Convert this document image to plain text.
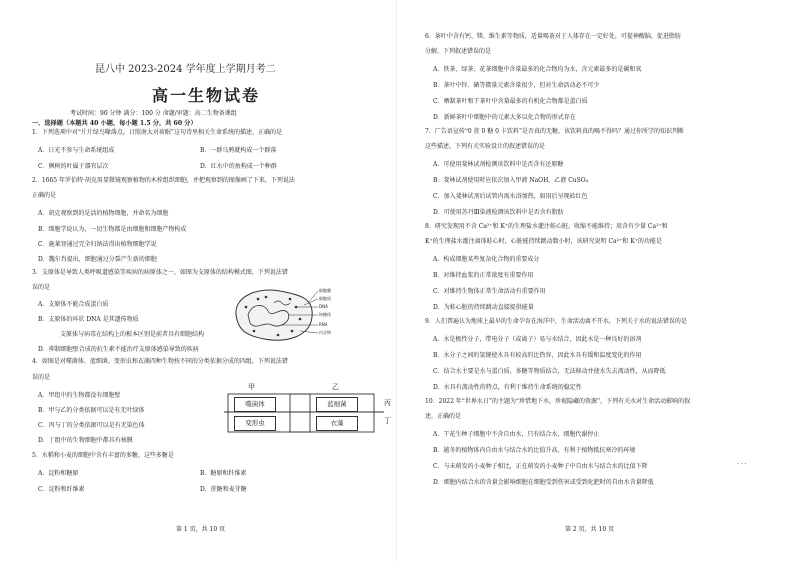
昆八中 2023-2024 学年度上学期月考二
高一生物试卷
考试时间：90 分钟 满分：100 分 命题/审题：高二生物备课组
一、选择题（本题共 40 小题，每小题 1.5 分，共 60 分）
1．下列选项中对“片片绿鸟喙落点，日照南大对荷眠”这句诗里相关生命系统的描述，正确的是
A．日光不参与生命系统组成	B．一群乌鸦就构成一个群落
C．枫树的叶属于器官层次	D．红水中的鱼构成一个种群
2．1665 年罗伯特·胡克用显微镜观察植物的木栓组织细胞，并把观察到的图像画了下来，下列说法
正确的是
A．胡克观察到的是活的植物细胞，并命名为细胞
B．细胞学说认为，一切生物都是由细胞和细胞产物构成
C．施莱登通过完全归纳法得出植物细胞学说
D．魏尔肖提出，细胞通过分裂产生新的细胞
3．支原体是导致人类呼吸道感染等疾病的病原体之一，如图为支原体的结构模式图，下列说法错
误的是
A．支原体不能合成蛋白质
B．支原体的环状 DNA 是其遗传物质
支原体与病毒在结构上的根本区别是前者具有细胞结构
D．抑制细胞壁合成的抗生素不能治疗支原体感染导致的疾病
细胞膜
细胞质
DNA
核糖体
RNA
内含物
4．如图是对噬菌体、蓝细菌、变形虫和衣藻四种生物按不同的分类依据分成的四组，下列说法错
误的是
A．甲组中的生物都没有细胞壁
B．甲与乙的分类依据可以是有无叶绿体
C．丙与丁的分类依据可以是有无染色体
D．丁组中的生物细胞中都具有核膜
甲	乙
丙
丁
噬菌体	蓝细菌
变形虫	衣藻
5．水稻和小麦的细胞中含有丰富的多糖，这些多糖是
A．淀粉和糖原	B．糖原和纤维素
C．淀粉和纤维素	D．蔗糖和麦芽糖
第 1 页，共 10 页
6．茶叶中含有钙、镁、维生素等物质，适量喝茶对于人体存在一定好处，可提神醒脑，促进脂肪
分解，下列叙述错误的是
A．铁茶、绿茶、花茶细胞中含量最多的化合物均为水，含元素最多的是碳和氧
B．茶叶中锌、硒等微量元素含量很少，但对生命活动必不可少
C．晒制茶叶和干茶叶中含量最多的有机化合物都是蛋白质
D．新鲜茶叶中细胞中的元素大多以化合物的形式存在
7．广告语宣传“0 蔗 0 糖 0 卡饮料”是否真的无糖，该饮料真的喝不得吗？通过你所学的知识判断
这些描述，下列有关实验设计的叙述错误的是
A．可使用斐林试剂检测该饮料中是否含有还原糖
B．斐林试剂使用时应依次加入甲液 NaOH、乙液 CuSO₄
C．加入斐林试剂后试管内需水浴加热，如用后呈现砖红色
D．可使用苏丹Ⅲ染液检测该饮料中是否含有脂肪
8．研究发现用不含 Ca²⁺和 K⁺的生理盐水灌注蛙心脏，收缩不能维持；用含有少量 Ca²⁺和
K⁺的生理盐水灌注离体蛙心时，心脏能持续跳动数小时，该研究说明 Ca²⁺和 K⁺的功能是
A．构成细胞某些复杂化合物的重要成分
B．对维持血浆的正常浓度有重要作用
C．对维持生物体正常生命活动有重要作用
D．为蛙心脏的持续跳动直接提供能量
9．人们普遍认为地球上最早的生命孕育在海洋中，生命活动离不开水，下列关于水的说法错误的是
A．水是极性分子，带电分子（或离子）易与水结合，因此水是一种良好的溶剂
B．水分子之间的氢键使水具有较高的比热容，因此水具有缓和温度变化的作用
C．结合水主要是水与蛋白质、多糖等物质结合，无法移动并使水失去流动性，从而降低
D．水具有流动性的特点，有利于维持生命系统的稳定性
10．2022 年“世界水日”的主题为“珍惜地下水，珍视隐藏的资源”，下列有关水对生命活动影响的叙
述，正确的是
A．干花生种子细胞中不含自由水，只有结合水，细胞代谢停止
B．越冬的植物体内自由水与结合水的比值升高，有利于植物抵抗寒冷的环境
C．与未萌发的小麦种子相比，正在萌发的小麦种子中自由水与结合水的比值下降	· · ·
D．细胞内结合水的含量会影响细胞在细胞受到伤害或受到化肥时的自由水含量降低
第 2 页，共 10 页
